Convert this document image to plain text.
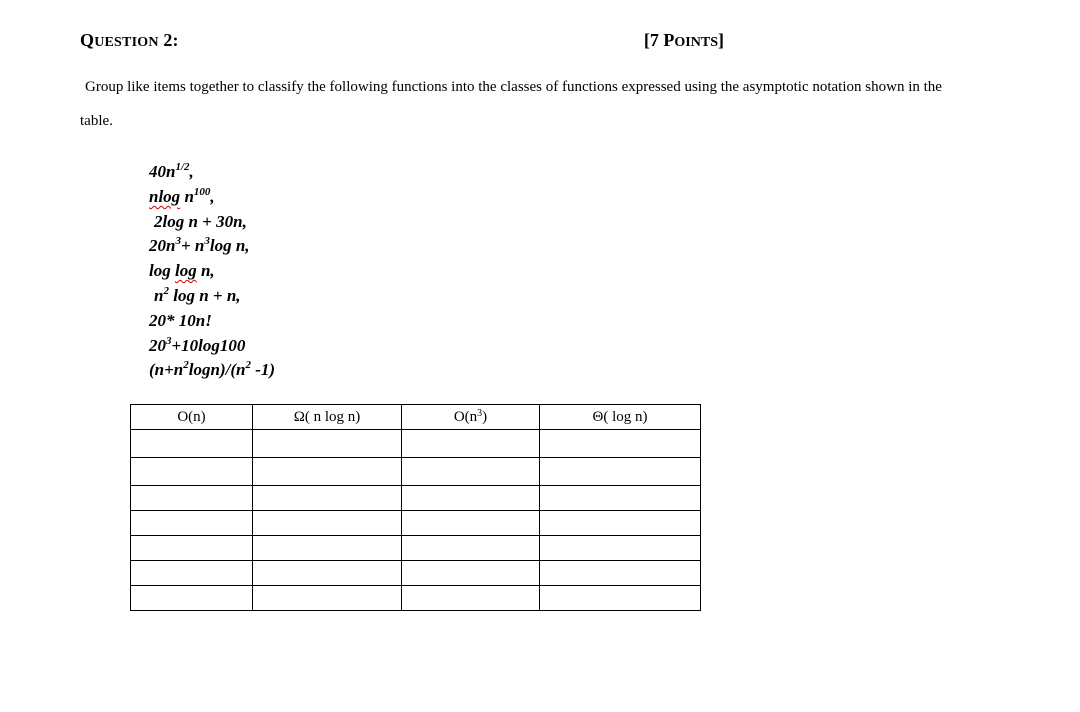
QUESTION 2:	[7 POINTS]
Group like items together to classify the following functions into the classes of functions expressed using the asymptotic notation shown in the
table.
$40n^{1/2}$,
nlog $n^{100}$,
2log n + 30n,
$20n^3+ n^3\log$ n,
log log n,
$n^2$ log n + n,
20* 10n!
$20^3+10\log 100$
$(n+n^2\log n)/(n^2$ -1)
O(n)	Ω( n log n)	$O(n^3)$	Θ( log n)
